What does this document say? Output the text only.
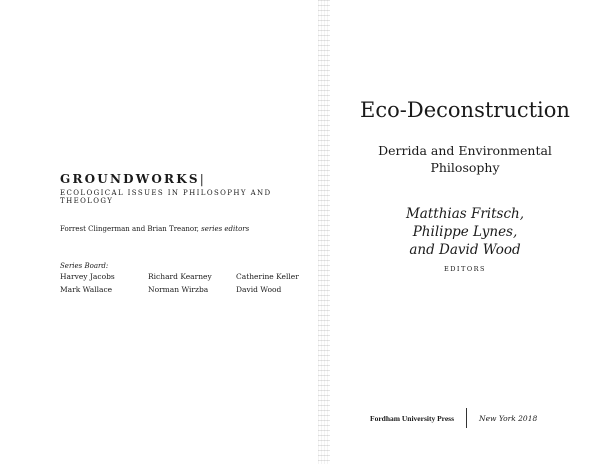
GROUNDWORKS|
ECOLOGICAL ISSUES IN PHILOSOPHY AND THEOLOGY
Forrest Clingerman and Brian Treanor, series editors
Series Board:
Harvey Jacobs	Richard Kearney	Catherine Keller
Mark Wallace	Norman Wirzba	David Wood
Eco-Deconstruction
Derrida and Environmental
Philosophy
Matthias Fritsch,
Philippe Lynes,
and David Wood
EDITORS
Fordham University Press	New York 2018
